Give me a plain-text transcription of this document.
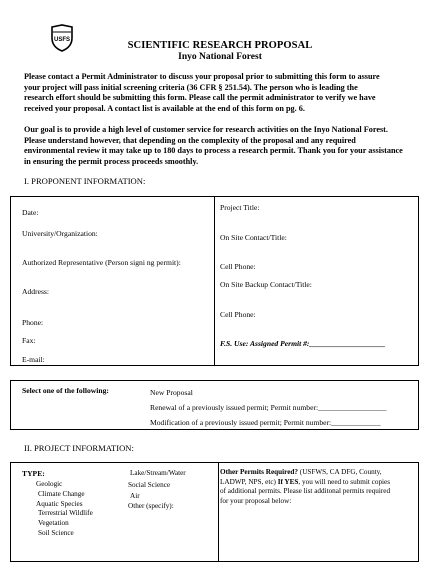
USFS	SCIENTIFIC RESEARCH PROPOSAL
Inyo National Forest
Please contact a Permit Administrator to discuss your proposal prior to submitting this form to assure
your project will pass initial screening criteria (36 CFR § 251.54). The person who is leading the
research effort should be submitting this form. Please call the permit administrator to verify we have
received your proposal. A contact list is available at the end of this form on pg. 6.
Our goal is to provide a high level of customer service for research activities on the Inyo National Forest.
Please understand however, that depending on the complexity of the proposal and any required
environmental review it may take up to 180 days to process a research permit. Thank you for your assistance
in ensuring the permit process proceeds smoothly.
I. PROPONENT INFORMATION:
Date:
University/Organization:
Authorized Representative (Person signi ng permit):
Address:
Phone:
Fax:
E-mail:
Project Title:
On Site Contact/Title:
Cell Phone:
On Site Backup Contact/Title:
Cell Phone:
F.S. Use: Assigned Permit #:____________________
Select one of the following:	New Proposal
Renewal of a previously issued permit; Permit number:__________________
Modification of a previously issued permit; Permit number:_____________
II. PROJECT INFORMATION:
TYPE:
Geologic
Climate Change
Aquatic Species
Terrestrial Wildlife
Vegetation
Soil Science
Lake/Stream/Water
Social Science
Air
Other (specify):
Other Permits Required? (USFWS, CA DFG, County,
LADWP, NPS, etc) If YES, you will need to submit copies
of additional permits. Please list additonal permits required
for your proposal below:
